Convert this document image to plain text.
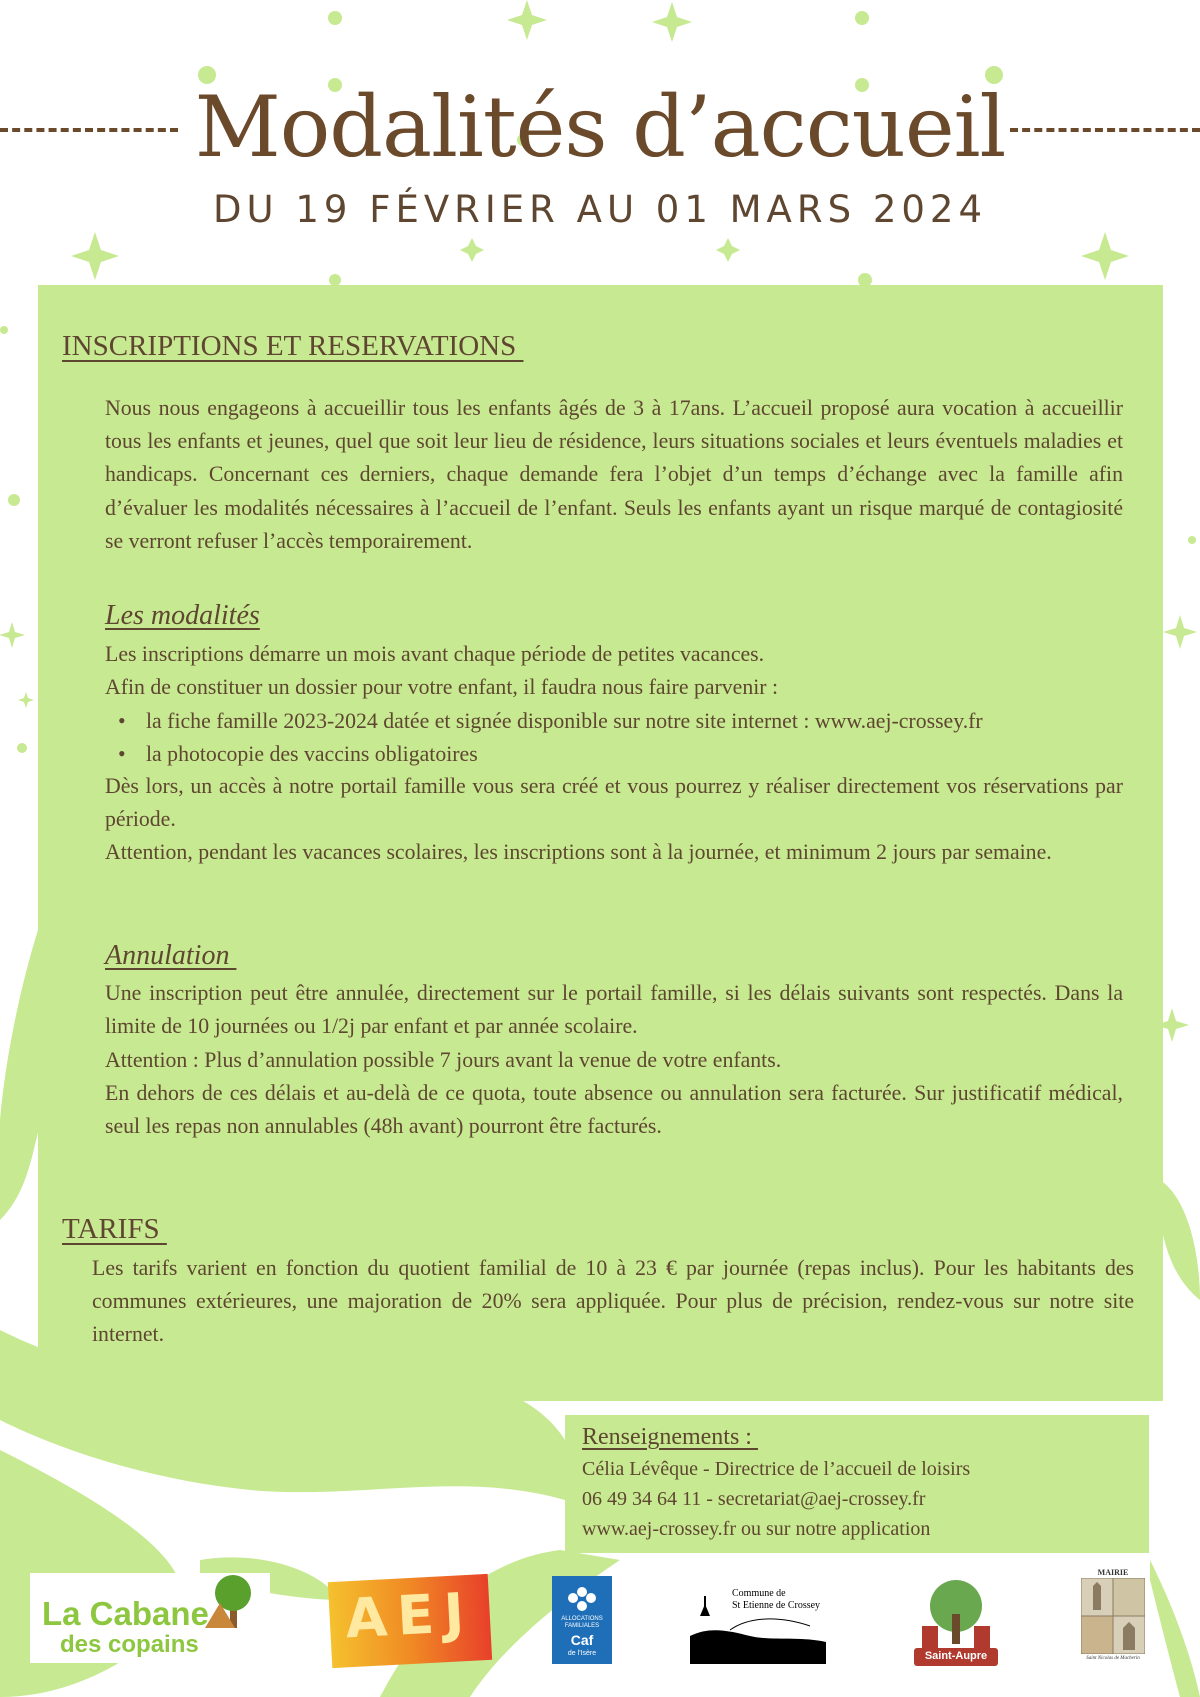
Modalités d’accueil
DU 19 FÉVRIER AU 01 MARS 2024
INSCRIPTIONS ET RESERVATIONS
Nous nous engageons à accueillir tous les enfants âgés de 3 à 17ans. L’accueil proposé aura vocation à accueillir tous les enfants et jeunes, quel que soit leur lieu de résidence, leurs situations sociales et leurs éventuels maladies et handicaps. Concernant ces derniers, chaque demande fera l’objet d’un temps d’échange avec la famille afin d’évaluer les modalités nécessaires à l’accueil de l’enfant. Seuls les enfants ayant un risque marqué de contagiosité se verront refuser l’accès temporairement.
Les modalités
Les inscriptions démarre un mois avant chaque période de petites vacances.
Afin de constituer un dossier pour votre enfant, il faudra nous faire parvenir :
• la fiche famille 2023-2024 datée et signée disponible sur notre site internet : www.aej-crossey.fr
• la photocopie des vaccins obligatoires
Dès lors, un accès à notre portail famille vous sera créé et vous pourrez y réaliser directement vos réservations par période.
Attention, pendant les vacances scolaires, les inscriptions sont à la journée, et minimum 2 jours par semaine.
Annulation
Une inscription peut être annulée, directement sur le portail famille, si les délais suivants sont respectés. Dans la limite de 10 journées ou 1/2j par enfant et par année scolaire.
Attention : Plus d’annulation possible 7 jours avant la venue de votre enfants.
En dehors de ces délais et au-delà de ce quota, toute absence ou annulation sera facturée. Sur justificatif médical, seul les repas non annulables (48h avant) pourront être facturés.
TARIFS
Les tarifs varient en fonction du quotient familial de 10 à 23 € par journée (repas inclus). Pour les habitants des communes extérieures, une majoration de 20% sera appliquée. Pour plus de précision, rendez-vous sur notre site internet.
Renseignements :
Célia Lévêque - Directrice de l’accueil de loisirs
06 49 34 64 11 - secretariat@aej-crossey.fr
www.aej-crossey.fr ou sur notre application
La Cabane
des copains	AEJ	ALLOCATIONS
FAMILIALES
Caf
de l'Isère
Commune de
St Etienne de Crossey
Saint-Aupre
MAIRIE
Saint Nicolas de Macherin
